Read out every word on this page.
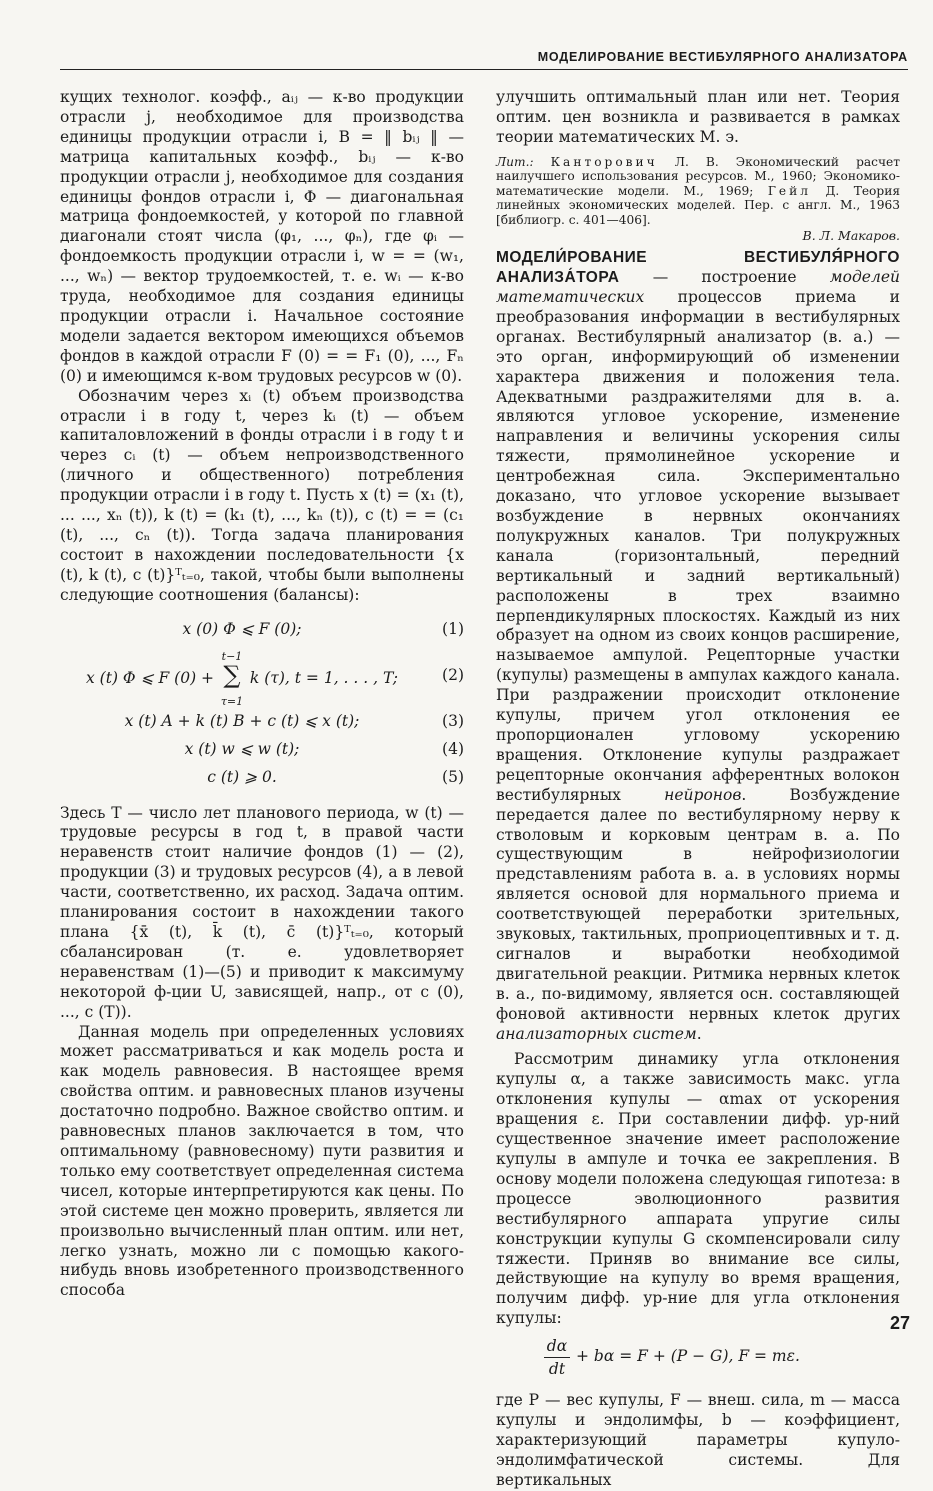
МОДЕЛИРОВАНИЕ ВЕСТИБУЛЯРНОГО АНАЛИЗАТОРА

кущих технолог. коэфф., aᵢⱼ — к-во продукции отрасли j, необходимое для производства единицы продукции отрасли i, B = ‖ bᵢⱼ ‖ — матрица капитальных коэфф., bᵢⱼ — к-во продукции отрасли j, необходимое для создания единицы фондов отрасли i, Φ — диагональная матрица фондоемкостей, у которой по главной диагонали стоят числа (φ₁, ..., φₙ), где φᵢ — фондоемкость продукции отрасли i, w = = (w₁, ..., wₙ) — вектор трудоемкостей, т. е. wᵢ — к-во труда, необходимое для создания единицы продукции отрасли i. Начальное состояние модели задается вектором имеющихся объемов фондов в каждой отрасли F (0) = = F₁ (0), ..., Fₙ (0) и имеющимся к-вом трудовых ресурсов w (0).

Обозначим через xᵢ (t) объем производства отрасли i в году t, через kᵢ (t) — объем капиталовложений в фонды отрасли i в году t и через cᵢ (t) — объем непроизводственного (личного и общественного) потребления продукции отрасли i в году t. Пусть x (t) = (x₁ (t), ... ..., xₙ (t)), k (t) = (k₁ (t), ..., kₙ (t)), c (t) = = (c₁ (t), ..., cₙ (t)). Тогда задача планирования состоит в нахождении последовательности {x (t), k (t), c (t)}ᵀₜ₌₀, такой, чтобы были выполнены следующие соотношения (балансы):

x (0) Φ ⩽ F (0);	(1)
x (t) Φ ⩽ F (0) + ∑
t−1
τ=1
k (τ), t = 1, . . . , T;	(2)
x (t) A + k (t) B + c (t) ⩽ x (t);	(3)
x (t) w ⩽ w (t);	(4)
c (t) ⩾ 0.	(5)

Здесь T — число лет планового периода, w (t) — трудовые ресурсы в год t, в правой части неравенств стоит наличие фондов (1) — (2), продукции (3) и трудовых ресурсов (4), а в левой части, соответственно, их расход. Задача оптим. планирования состоит в нахождении такого плана {x̄ (t), k̄ (t), c̄ (t)}ᵀₜ₌₀, который сбалансирован (т. е. удовлетворяет неравенствам (1)—(5) и приводит к максимуму некоторой ф-ции U, зависящей, напр., от c (0), ..., c (T)).

Данная модель при определенных условиях может рассматриваться и как модель роста и как модель равновесия. В настоящее время свойства оптим. и равновесных планов изучены достаточно подробно. Важное свойство оптим. и равновесных планов заключается в том, что оптимальному (равновесному) пути развития и только ему соответствует определенная система чисел, которые интерпретируются как цены. По этой системе цен можно проверить, является ли произвольно вычисленный план оптим. или нет, легко узнать, можно ли с помощью какого-нибудь вновь изобретенного производственного способа

улучшить оптимальный план или нет. Теория оптим. цен возникла и развивается в рамках теории математических М. э.

Лит.: Канторович Л. В. Экономический расчет наилучшего использования ресурсов. М., 1960; Экономико-математические модели. М., 1969; Гейл Д. Теория линейных экономических моделей. Пер. с англ. М., 1963 [библиогр. с. 401—406].

В. Л. Макаров.

МОДЕЛИ́РОВАНИЕ ВЕСТИБУЛЯ́РНОГО АНАЛИЗА́ТОРА — построение моделей математических процессов приема и преобразования информации в вестибулярных органах. Вестибулярный анализатор (в. а.) — это орган, информирующий об изменении характера движения и положения тела. Адекватными раздражителями для в. а. являются угловое ускорение, изменение направления и величины ускорения силы тяжести, прямолинейное ускорение и центробежная сила. Экспериментально доказано, что угловое ускорение вызывает возбуждение в нервных окончаниях полукружных каналов. Три полукружных канала (горизонтальный, передний вертикальный и задний вертикальный) расположены в трех взаимно перпендикулярных плоскостях. Каждый из них образует на одном из своих концов расширение, называемое ампулой. Рецепторные участки (купулы) размещены в ампулах каждого канала. При раздражении происходит отклонение купулы, причем угол отклонения ее пропорционален угловому ускорению вращения. Отклонение купулы раздражает рецепторные окончания афферентных волокон вестибулярных нейронов. Возбуждение передается далее по вестибулярному нерву к стволовым и корковым центрам в. а. По существующим в нейрофизиологии представлениям работа в. а. в условиях нормы является основой для нормального приема и соответствующей переработки зрительных, звуковых, тактильных, проприоцептивных и т. д. сигналов и выработки необходимой двигательной реакции. Ритмика нервных клеток в. а., по-видимому, является осн. составляющей фоновой активности нервных клеток других анализаторных систем.

Рассмотрим динамику угла отклонения купулы α, а также зависимость макс. угла отклонения купулы — αmax от ускорения вращения ε. При составлении дифф. ур-ний существенное значение имеет расположение купулы в ампуле и точка ее закрепления. В основу модели положена следующая гипотеза: в процессе эволюционного развития вестибулярного аппарата упругие силы конструкции купулы G скомпенсировали силу тяжести. Приняв во внимание все силы, действующие на купулу во время вращения, получим дифф. ур-ние для угла отклонения купулы:

$\frac{d\alpha}{dt} + b\alpha = F + (P - G)$, F = mε.

где P — вес купулы, F — внеш. сила, m — масса купулы и эндолимфы, b — коэффициент, характеризующий параметры купуло-эндолимфатической системы. Для вертикальных

27
